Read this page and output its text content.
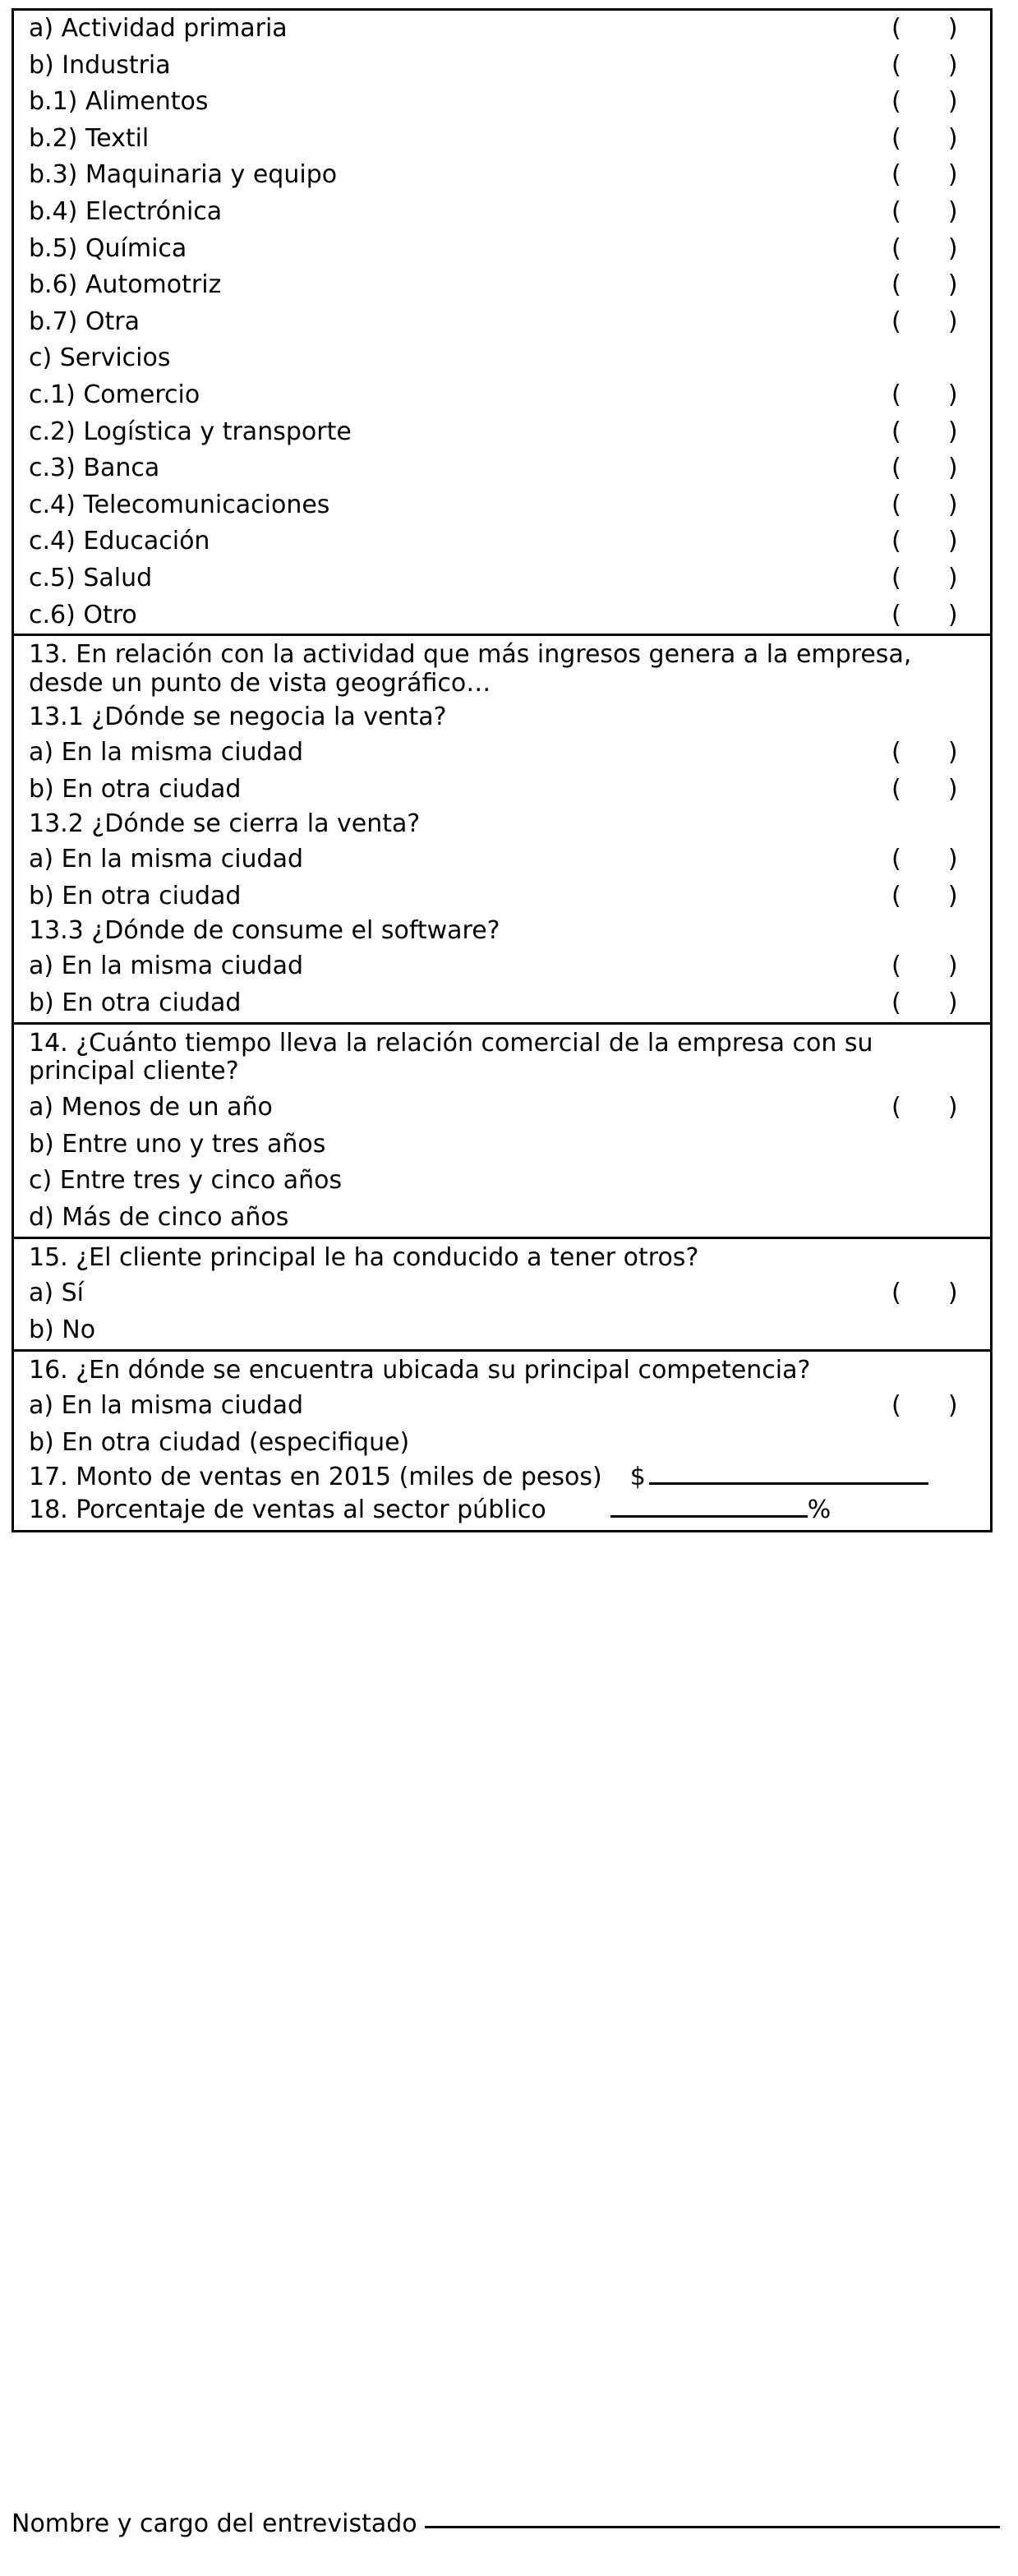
a) Actividad primaria	(      )
b) Industria	(      )
b.1) Alimentos	(      )
b.2) Textil	(      )
b.3) Maquinaria y equipo	(      )
b.4) Electrónica	(      )
b.5) Química	(      )
b.6) Automotriz	(      )
b.7) Otra	(      )
c) Servicios
c.1) Comercio	(      )
c.2) Logística y transporte	(      )
c.3) Banca	(      )
c.4) Telecomunicaciones	(      )
c.4) Educación	(      )
c.5) Salud	(      )
c.6) Otro	(      )
13. En relación con la actividad que más ingresos genera a la empresa, desde un punto de vista geográfico…
13.1 ¿Dónde se negocia la venta?
a) En la misma ciudad	(      )
b) En otra ciudad	(      )
13.2 ¿Dónde se cierra la venta?
a) En la misma ciudad	(      )
b) En otra ciudad	(      )
13.3 ¿Dónde de consume el software?
a) En la misma ciudad	(      )
b) En otra ciudad	(      )
14. ¿Cuánto tiempo lleva la relación comercial de la empresa con su principal cliente?
a) Menos de un año	(      )
b) Entre uno y tres años
c) Entre tres y cinco años
d) Más de cinco años
15. ¿El cliente principal le ha conducido a tener otros?
a) Sí	(      )
b) No
16. ¿En dónde se encuentra ubicada su principal competencia?
a) En la misma ciudad	(      )
b) En otra ciudad (especifique)
17. Monto de ventas en 2015 (miles de pesos) $
18. Porcentaje de ventas al sector público	%
Nombre y cargo del entrevistado
